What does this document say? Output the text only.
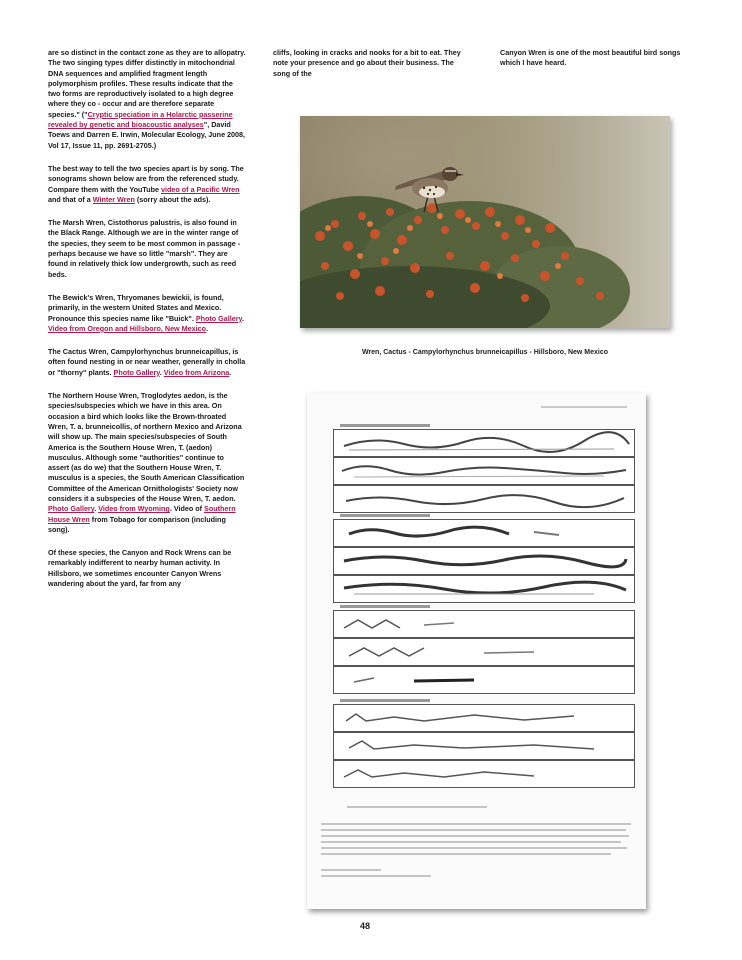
are so distinct in the contact zone as they are to allopatry. The two singing types differ distinctly in mitochondrial DNA sequences and amplified fragment length polymorphism profiles. These results indicate that the two forms are reproductively isolated to a high degree where they co - occur and are therefore separate species." ("Cryptic speciation in a Holarctic passerine revealed by genetic and bioacoustic analyses", David Toews and Darren E. Irwin, Molecular Ecology, June 2008, Vol 17, Issue 11, pp. 2691-2705.)

The best way to tell the two species apart is by song. The sonograms shown below are from the referenced study. Compare them with the YouTube video of a Pacific Wren and that of a Winter Wren (sorry about the ads).

The Marsh Wren, Cistothorus palustris, is also found in the Black Range. Although we are in the winter range of the species, they seem to be most common in passage - perhaps because we have so little "marsh". They are found in relatively thick low undergrowth, such as reed beds.

The Bewick's Wren, Thryomanes bewickii, is found, primarily, in the western United States and Mexico. Pronounce this species name like "Buick". Photo Gallery. Video from Oregon and Hillsboro, New Mexico.

The Cactus Wren, Campylorhynchus brunneicapillus, is often found nesting in or near weather, generally in cholla or "thorny" plants. Photo Gallery. Video from Arizona.

The Northern House Wren, Troglodytes aedon, is the species/subspecies which we have in this area. On occasion a bird which looks like the Brown-throated Wren, T. a. brunneicollis, of northern Mexico and Arizona will show up. The main species/subspecies of South America is the Southern House Wren, T. (aedon) musculus. Although some "authorities" continue to assert (as do we) that the Southern House Wren, T. musculus is a species, the South American Classification Committee of the American Ornithologists' Society now considers it a subspecies of the House Wren, T. aedon. Photo Gallery. Video from Wyoming. Video of Southern House Wren from Tobago for comparison (including song).

Of these species, the Canyon and Rock Wrens can be remarkably indifferent to nearby human activity. In Hillsboro, we sometimes encounter Canyon Wrens wandering about the yard, far from any

cliffs, looking in cracks and nooks for a bit to eat. They note your presence and go about their business. The song of the
Canyon Wren is one of the most beautiful bird songs which I have heard.
Wren, Cactus - Campylorhynchus brunneicapillus - Hillsboro, New Mexico
48
